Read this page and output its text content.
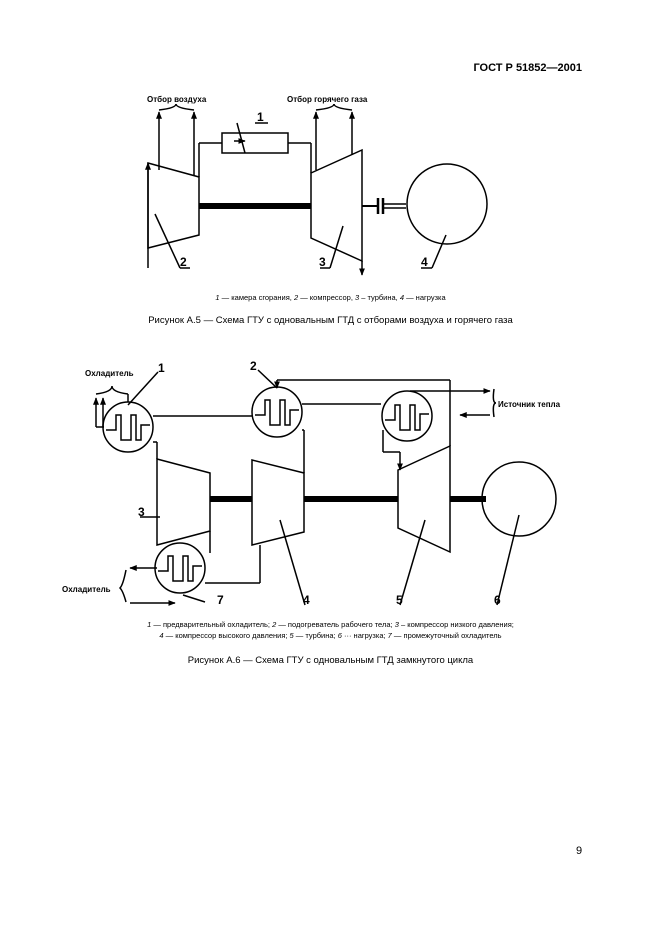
ГОСТ Р 51852—2001
Отбор воздуха	Отбор горячего газа
1
2	3	4
1 — камера сгорания, 2 — компрессор, 3 – турбина, 4 — нагрузка
Рисунок А.5 — Схема ГТУ с одновальным ГТД с отборами воздуха и горячего газа
Охладитель
Охладитель
Источник тепла
1	2
3
4	5	6
7
1 — предварительный охладитель; 2 — подогреватель рабочего тела; 3 – компрессор низкого давления;
4 — компрессор высокого давления; 5 — турбина; 6 ··· нагрузка; 7 — промежуточный охладитель
Рисунок А.6 — Схема ГТУ с одновальным ГТД замкнутого цикла
9
